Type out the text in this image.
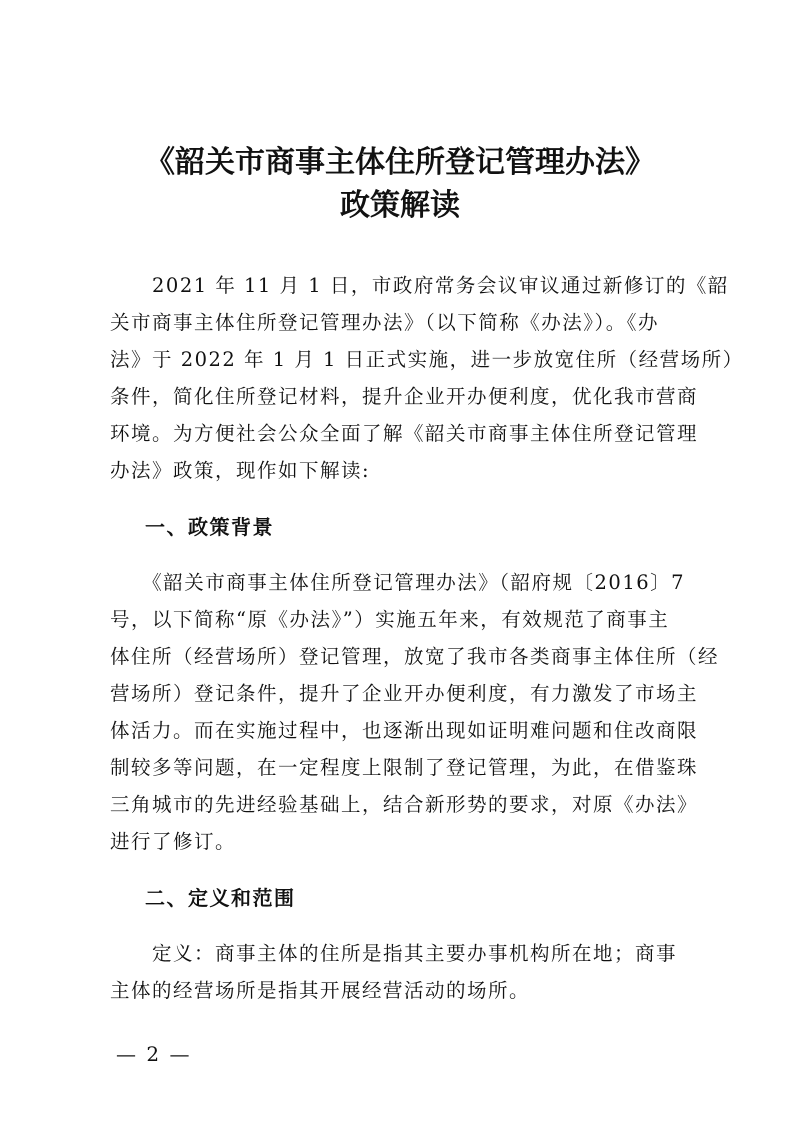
《韶关市商事主体住所登记管理办法》
政策解读
　　2021 年 11 月 1 日，市政府常务会议审议通过新修订的《韶
关市商事主体住所登记管理办法》（以下简称《办法》）。《办
法》于 2022 年 1 月 1 日正式实施，进一步放宽住所（经营场所）
条件，简化住所登记材料，提升企业开办便利度，优化我市营商
环境。为方便社会公众全面了解《韶关市商事主体住所登记管理
办法》政策，现作如下解读:
一、政策背景
　　《韶关市商事主体住所登记管理办法》（韶府规〔2016〕7
号，以下简称“原《办法》”）实施五年来，有效规范了商事主
体住所（经营场所）登记管理，放宽了我市各类商事主体住所（经
营场所）登记条件，提升了企业开办便利度，有力激发了市场主
体活力。而在实施过程中，也逐渐出现如证明难问题和住改商限
制较多等问题，在一定程度上限制了登记管理，为此，在借鉴珠
三角城市的先进经验基础上，结合新形势的要求，对原《办法》
进行了修订。
二、定义和范围
　　定义：商事主体的住所是指其主要办事机构所在地；商事
主体的经营场所是指其开展经营活动的场所。
— 2 —
